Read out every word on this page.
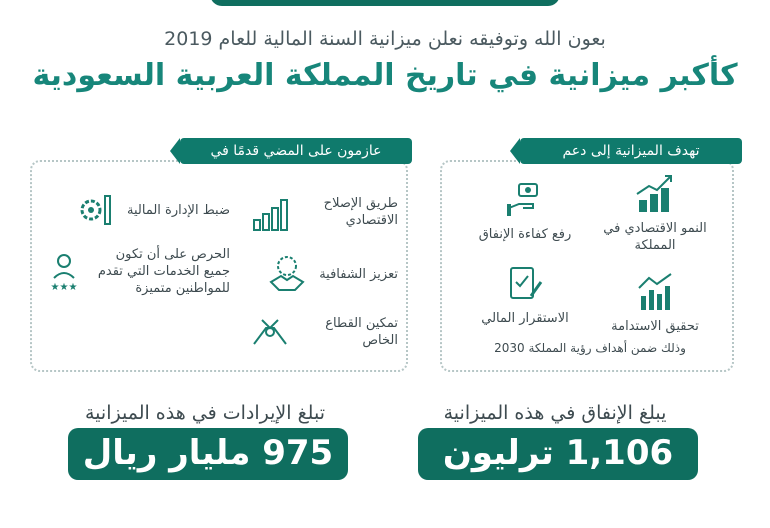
بعون الله وتوفيقه نعلن ميزانية السنة المالية للعام 2019
كأكبر ميزانية في تاريخ المملكة العربية السعودية
تهدف الميزانية إلى دعم
النمو الاقتصادي في المملكة
رفع كفاءة الإنفاق
تحقيق الاستدامة
الاستقرار المالي
وذلك ضمن أهداف رؤية المملكة 2030
عازمون على المضي قدمًا في
طريق الإصلاح الاقتصادي
ضبط الإدارة المالية
تعزيز الشفافية
الحرص على أن تكون جميع الخدمات التي تقدم للمواطنين متميزة
★★★
تمكين القطاع الخاص
يبلغ الإنفاق في هذه الميزانية
1,106 ترليون ريال
تبلغ الإيرادات في هذه الميزانية
975 مليار ريال
